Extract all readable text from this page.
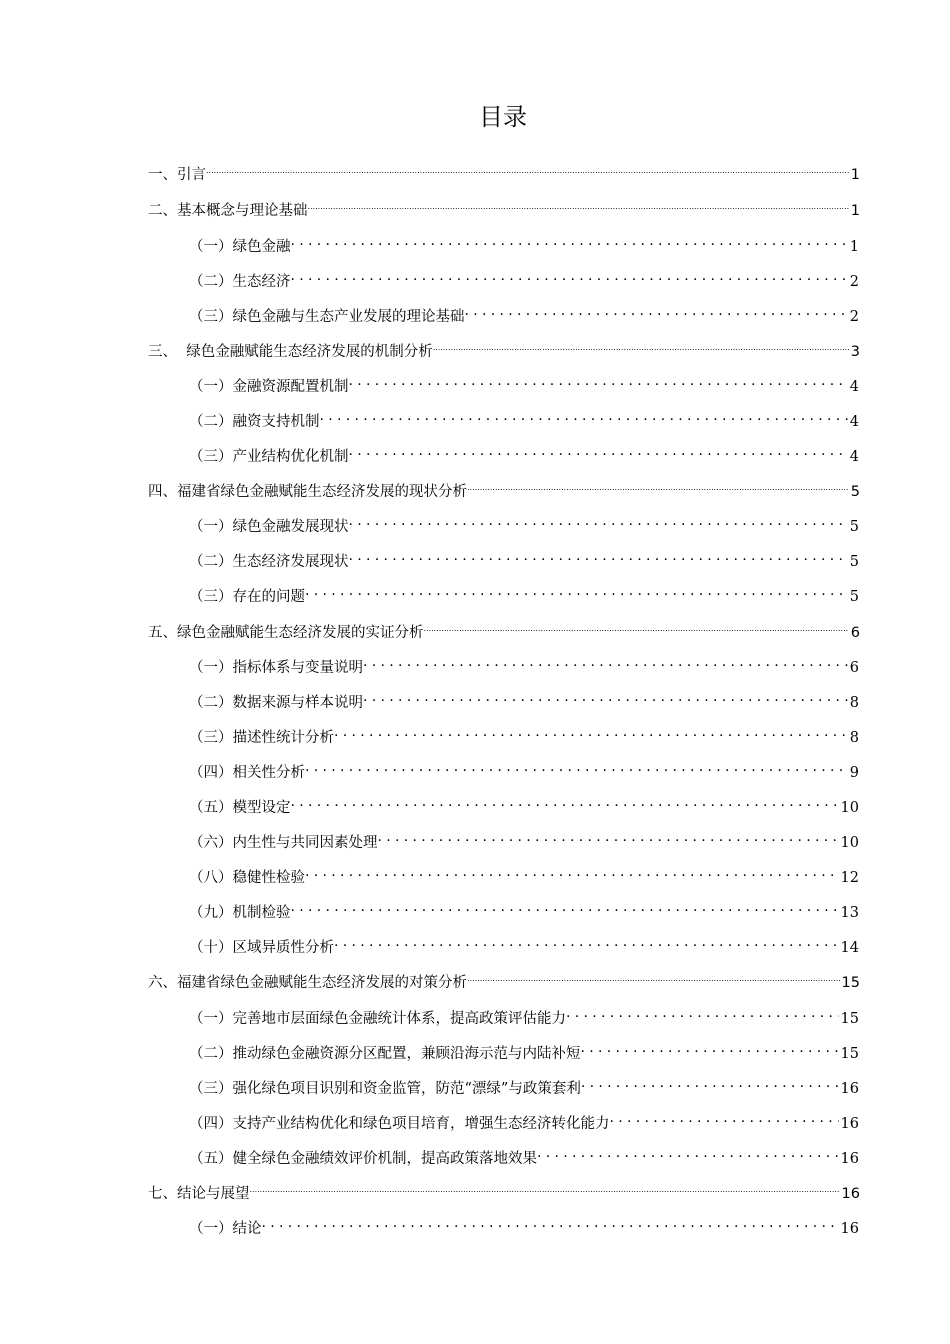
目录
一、引言 .....	1
二、基本概念与理论基础 .....	1
（一）绿色金融 .....	1
（二）生态经济 .....	2
（三）绿色金融与生态产业发展的理论基础 .....	2
三、  绿色金融赋能生态经济发展的机制分析 .....	3
（一）金融资源配置机制 .....	4
（二）融资支持机制 .....	4
（三）产业结构优化机制 .....	4
四、福建省绿色金融赋能生态经济发展的现状分析 .....	5
（一）绿色金融发展现状 .....	5
（二）生态经济发展现状 .....	5
（三）存在的问题 .....	5
五、绿色金融赋能生态经济发展的实证分析 .....	6
（一）指标体系与变量说明 .....	6
（二）数据来源与样本说明 .....	8
（三）描述性统计分析 .....	8
（四）相关性分析 .....	9
（五）模型设定 .....	10
（六）内生性与共同因素处理 .....	10
（八）稳健性检验 .....	12
（九）机制检验 .....	13
（十）区域异质性分析 .....	14
六、福建省绿色金融赋能生态经济发展的对策分析 .....	15
（一）完善地市层面绿色金融统计体系，提高政策评估能力 .....	15
（二）推动绿色金融资源分区配置，兼顾沿海示范与内陆补短 .....	15
（三）强化绿色项目识别和资金监管，防范“漂绿”与政策套利 .....	16
（四）支持产业结构优化和绿色项目培育，增强生态经济转化能力 .....	16
（五）健全绿色金融绩效评价机制，提高政策落地效果 .....	16
七、结论与展望 .....	16
（一）结论 .....	16
